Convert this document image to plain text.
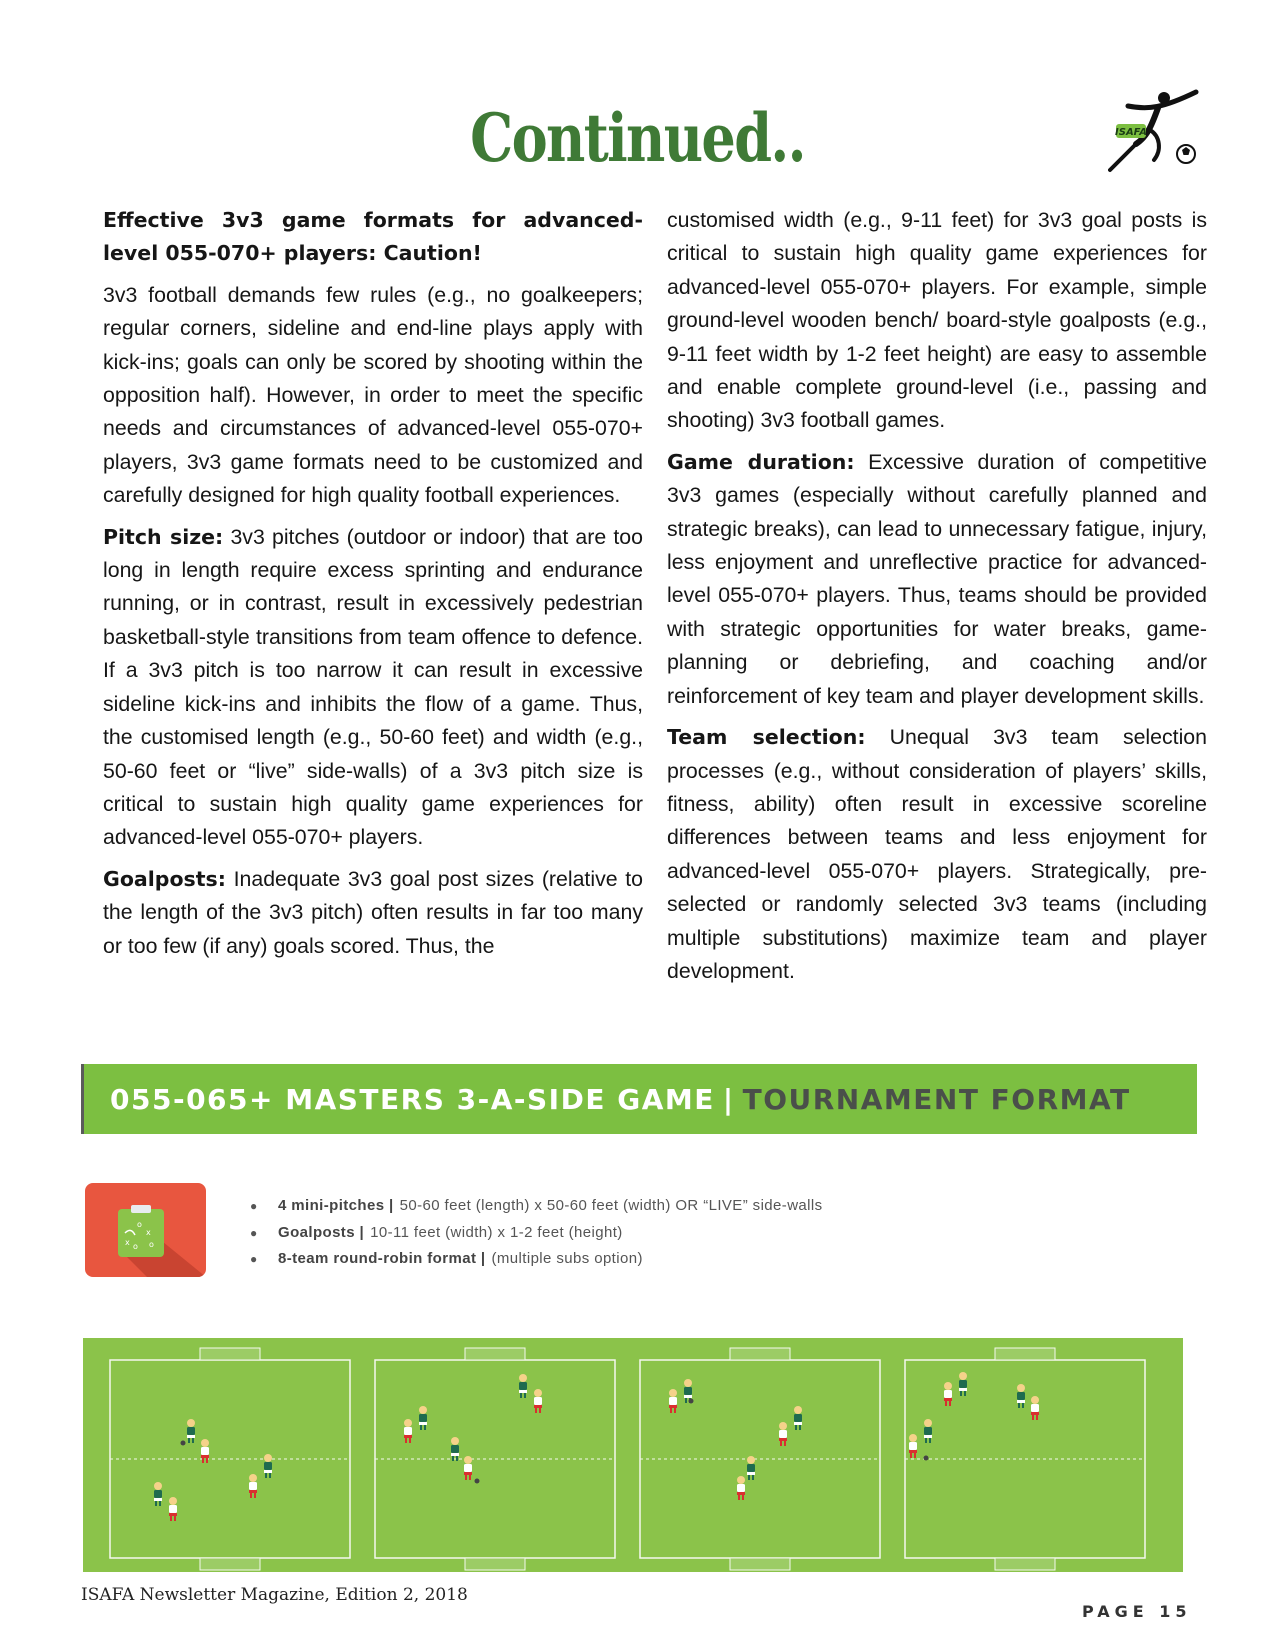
Continued..	ISAFA

Effective 3v3 game formats for advanced-level 055-070+ players: Caution!

3v3 football demands few rules (e.g., no goalkeepers; regular corners, sideline and end-line plays apply with kick-ins; goals can only be scored by shooting within the opposition half). However, in order to meet the specific needs and circumstances of advanced-level 055-070+ players, 3v3 game formats need to be customized and carefully designed for high quality football experiences.

Pitch size: 3v3 pitches (outdoor or indoor) that are too long in length require excess sprinting and endurance running, or in contrast, result in excessively pedestrian basketball-style transitions from team offence to defence. If a 3v3 pitch is too narrow it can result in excessive sideline kick-ins and inhibits the flow of a game. Thus, the customised length (e.g., 50-60 feet) and width (e.g., 50-60 feet or “live” side-walls) of a 3v3 pitch size is critical to sustain high quality game experiences for advanced-level 055-070+ players.

Goalposts: Inadequate 3v3 goal post sizes (relative to the length of the 3v3 pitch) often results in far too many or too few (if any) goals scored. Thus, the

customised width (e.g., 9-11 feet) for 3v3 goal posts is critical to sustain high quality game experiences for advanced-level 055-070+ players. For example, simple ground-level wooden bench/ board-style goalposts (e.g., 9-11 feet width by 1-2 feet height) are easy to assemble and enable complete ground-level (i.e., passing and shooting) 3v3 football games.

Game duration: Excessive duration of competitive 3v3 games (especially without carefully planned and strategic breaks), can lead to unnecessary fatigue, injury, less enjoyment and unreflective practice for advanced-level 055-070+ players. Thus, teams should be provided with strategic opportunities for water breaks, game-planning or debriefing, and coaching and/or reinforcement of key team and player development skills.

Team selection: Unequal 3v3 team selection processes (e.g., without consideration of players’ skills, fitness, ability) often result in excessive scoreline differences between teams and less enjoyment for advanced-level 055-070+ players. Strategically, pre-selected or randomly selected 3v3 teams (including multiple substitutions) maximize team and player development.

055-065+ MASTERS 3-A-SIDE GAME | TOURNAMENT FORMAT
o
x
x o o
●	4 mini-pitches | 50-60 feet (length) x 50-60 feet (width) OR “LIVE” side-walls
●	Goalposts | 10-11 feet (width) x 1-2 feet (height)
●	8-team round-robin format | (multiple subs option)
ISAFA Newsletter Magazine, Edition 2, 2018
PAGE 15
